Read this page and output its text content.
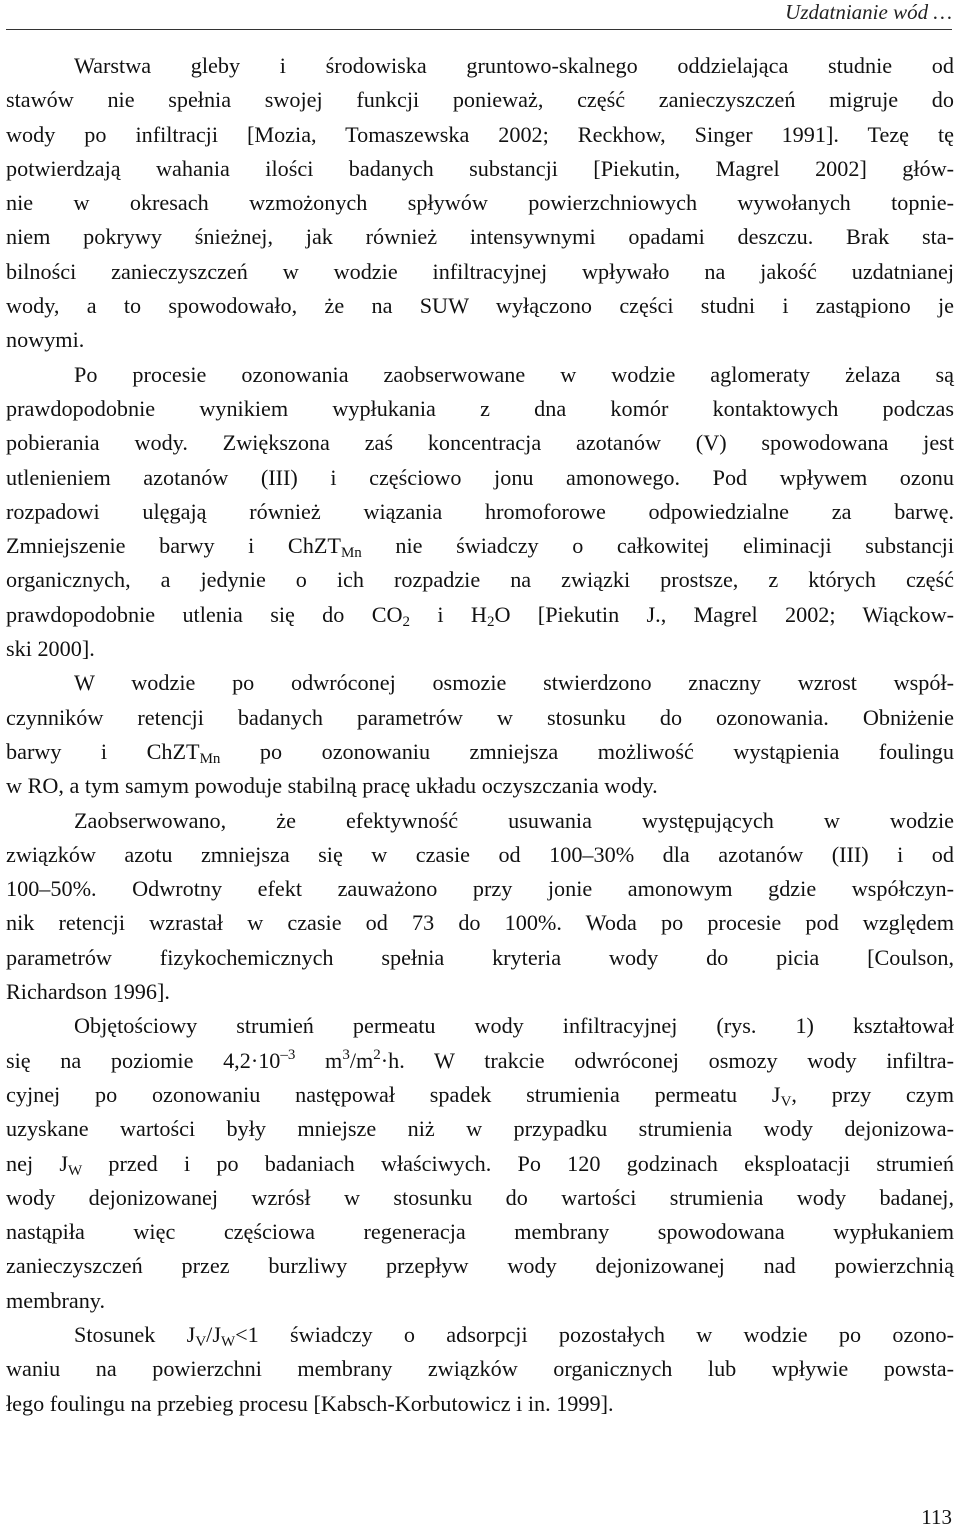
Uzdatnianie wód …
Warstwa gleby i środowiska gruntowo-skalnego oddzielająca studnie od
stawów nie spełnia swojej funkcji ponieważ, część zanieczyszczeń migruje do
wody po infiltracji [Mozia, Tomaszewska 2002; Reckhow, Singer 1991]. Tezę tę
potwierdzają wahania ilości badanych substancji [Piekutin, Magrel 2002] głów-
nie w okresach wzmożonych spływów powierzchniowych wywołanych topnie-
niem pokrywy śnieżnej, jak również intensywnymi opadami deszczu. Brak sta-
bilności zanieczyszczeń w wodzie infiltracyjnej wpływało na jakość uzdatnianej
wody, a to spowodowało, że na SUW wyłączono części studni i zastąpiono je
nowymi.
Po procesie ozonowania zaobserwowane w wodzie aglomeraty żelaza są
prawdopodobnie wynikiem wypłukania z dna komór kontaktowych podczas
pobierania wody. Zwiększona zaś koncentracja azotanów (V) spowodowana jest
utlenieniem azotanów (III) i częściowo jonu amonowego. Pod wpływem ozonu
rozpadowi ulęgają również wiązania hromoforowe odpowiedzialne za barwę.
Zmniejszenie barwy i ChZT$_{Mn}$ nie świadczy o całkowitej eliminacji substancji
organicznych, a jedynie o ich rozpadzie na związki prostsze, z których część
prawdopodobnie utlenia się do $CO_2$ i $H_2O$ [Piekutin J., Magrel 2002; Wiąckow-
ski 2000].
W wodzie po odwróconej osmozie stwierdzono znaczny wzrost współ-
czynników retencji badanych parametrów w stosunku do ozonowania. Obniżenie
barwy i ChZT$_{Mn}$ po ozonowaniu zmniejsza możliwość wystąpienia foulingu
w RO, a tym samym powoduje stabilną pracę układu oczyszczania wody.
Zaobserwowano, że efektywność usuwania występujących w wodzie
związków azotu zmniejsza się w czasie od 100–30% dla azotanów (III) i od
100–50%. Odwrotny efekt zauważono przy jonie amonowym gdzie współczyn-
nik retencji wzrastał w czasie od 73 do 100%. Woda po procesie pod względem
parametrów fizykochemicznych spełnia kryteria wody do picia [Coulson,
Richardson 1996].
Objętościowy strumień permeatu wody infiltracyjnej (rys. 1) kształtował
się na poziomie $4,2\cdot 10^{-3}$ $m^3/m^2\cdot h$. W trakcie odwróconej osmozy wody infiltra-
cyjnej po ozonowaniu następował spadek strumienia permeatu $J_V$, przy czym
uzyskane wartości były mniejsze niż w przypadku strumienia wody dejonizowa-
nej $J_W$ przed i po badaniach właściwych. Po 120 godzinach eksploatacji strumień
wody dejonizowanej wzrósł w stosunku do wartości strumienia wody badanej,
nastąpiła więc częściowa regeneracja membrany spowodowana wypłukaniem
zanieczyszczeń przez burzliwy przepływ wody dejonizowanej nad powierzchnią
membrany.
Stosunek $J_V/J_W<1$ świadczy o adsorpcji pozostałych w wodzie po ozono-
waniu na powierzchni membrany związków organicznych lub wpływie powsta-
łego foulingu na przebieg procesu [Kabsch-Korbutowicz i in. 1999].
113
